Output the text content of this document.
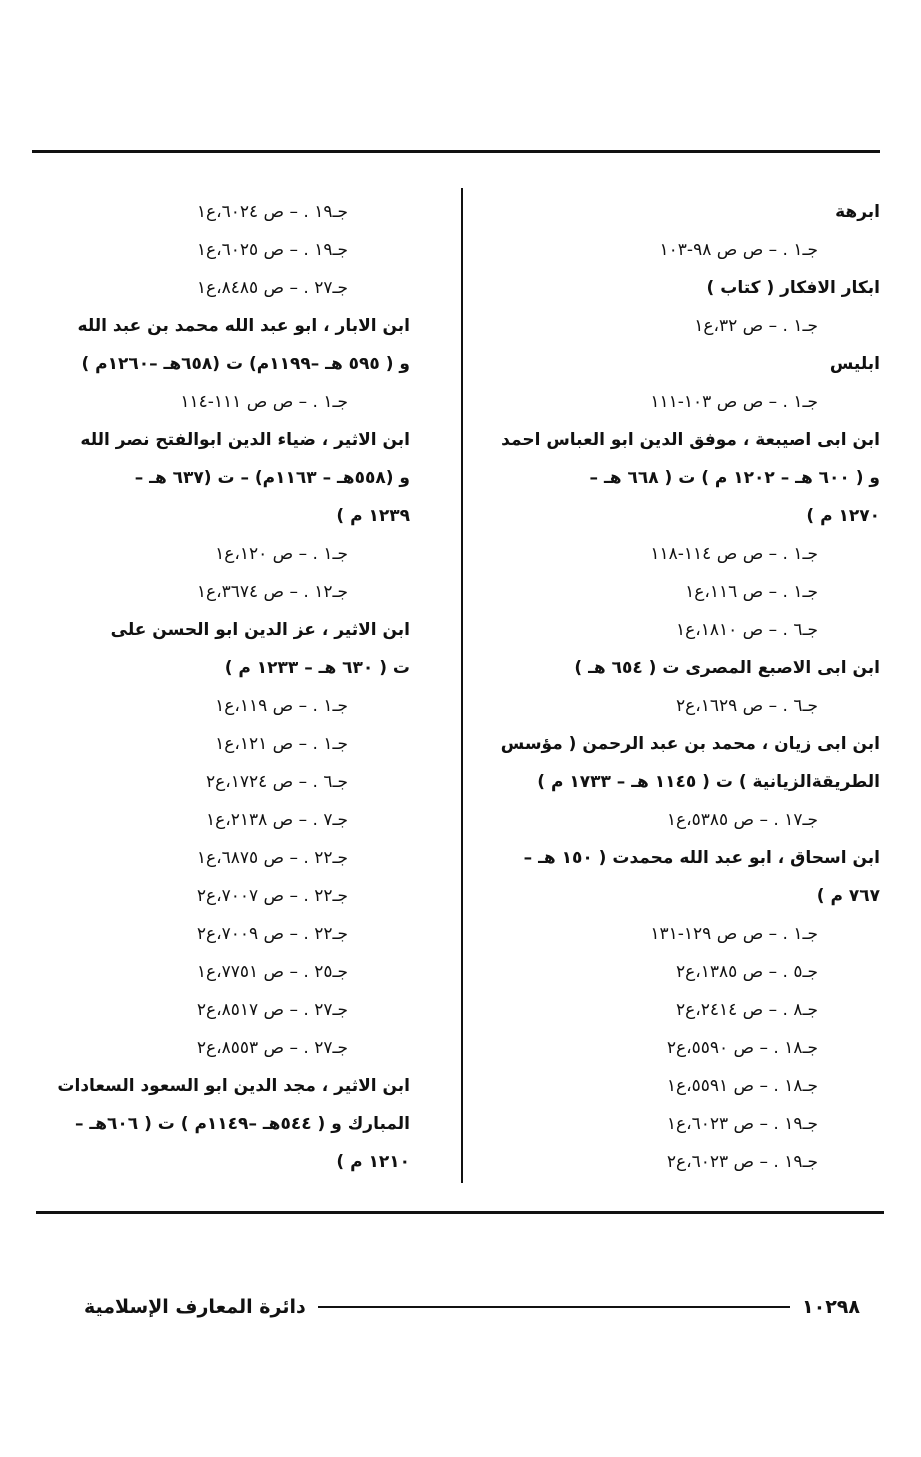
ابرهة
جـ١ . – ص ص ٩٨-١٠٣
ابكار الافكار ( كتاب )
جـ١ . – ص ٣٢،ع١
ابليس
جـ١ . – ص ص ١٠٣-١١١
ابن ابى اصيبعة ، موفق الدين ابو العباس احمد
و ( ٦٠٠ هـ – ١٢٠٢ م ) ت ( ٦٦٨ هـ –
١٢٧٠ م )
جـ١ . – ص ص ١١٤-١١٨
جـ١ . – ص ١١٦،ع١
جـ٦ . – ص ١٨١٠،ع١
ابن ابى الاصبع المصرى ت ( ٦٥٤ هـ )
جـ٦ . – ص ١٦٢٩،ع٢
ابن ابى زيان ، محمد بن عبد الرحمن ( مؤسس
الطريقةالزيانية ) ت ( ١١٤٥ هـ – ١٧٣٣ م )
جـ١٧ . – ص ٥٣٨٥،ع١
ابن اسحاق ، ابو عبد الله محمدت ( ١٥٠ هـ –
٧٦٧ م )
جـ١ . – ص ص ١٢٩-١٣١
جـ٥ . – ص ١٣٨٥،ع٢
جـ٨ . – ص ٢٤١٤،ع٢
جـ١٨ . – ص ٥٥٩٠،ع٢
جـ١٨ . – ص ٥٥٩١،ع١
جـ١٩ . – ص ٦٠٢٣،ع١
جـ١٩ . – ص ٦٠٢٣،ع٢
جـ١٩ . – ص ٦٠٢٤،ع١
جـ١٩ . – ص ٦٠٢٥،ع١
جـ٢٧ . – ص ٨٤٨٥،ع١
ابن الابار ، ابو عبد الله محمد بن عبد الله
و ( ٥٩٥ هـ –١١٩٩م) ت (٦٥٨هـ –١٢٦٠م )
جـ١ . – ص ص ١١١-١١٤
ابن الاثير ، ضياء الدين ابوالفتح نصر الله
و (٥٥٨هـ – ١١٦٣م) – ت (٦٣٧ هـ –
١٢٣٩ م )
جـ١ . – ص ١٢٠،ع١
جـ١٢ . – ص ٣٦٧٤،ع١
ابن الاثير ، عز الدين ابو الحسن على
ت ( ٦٣٠ هـ – ١٢٣٣ م )
جـ١ . – ص ١١٩،ع١
جـ١ . – ص ١٢١،ع١
جـ٦ . – ص ١٧٢٤،ع٢
جـ٧ . – ص ٢١٣٨،ع١
جـ٢٢ . – ص ٦٨٧٥،ع١
جـ٢٢ . – ص ٧٠٠٧،ع٢
جـ٢٢ . – ص ٧٠٠٩،ع٢
جـ٢٥ . – ص ٧٧٥١،ع١
جـ٢٧ . – ص ٨٥١٧،ع٢
جـ٢٧ . – ص ٨٥٥٣،ع٢
ابن الاثير ، مجد الدين ابو السعود السعادات
المبارك و ( ٥٤٤هـ –١١٤٩م ) ت ( ٦٠٦هـ –
١٢١٠ م )
١٠٢٩٨
دائرة المعارف الإسلامية
